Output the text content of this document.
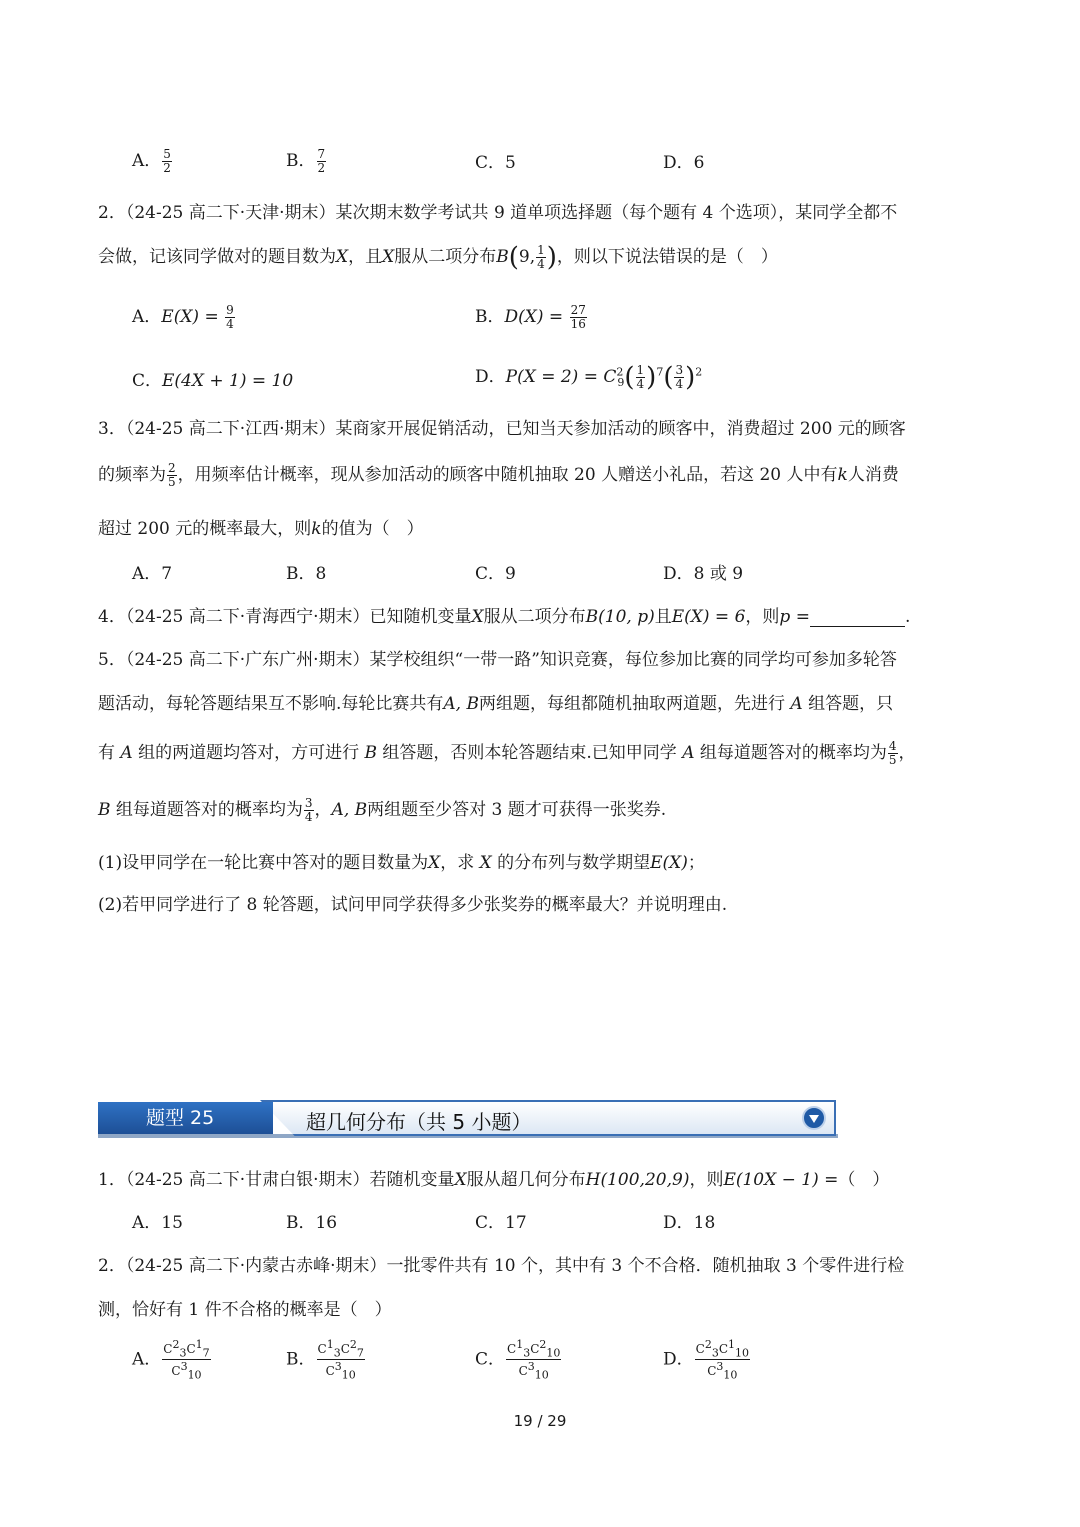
A． $\frac{5}{2}$	B． $\frac{7}{2}$	C．5	D．6
2．（24-25 高二下·天津·期末）某次期末数学考试共 9 道单项选择题（每个题有 4 个选项），某同学全都不
会做，记该同学做对的题目数为X，且X服从二项分布B(9, $\frac{1}{4}$ )，则以下说法错误的是（　）
A．$E(X) = \frac{9}{4}$	B．$D(X) = \frac{27}{16}$
C．E(4X + 1) = 10	D．$P(X = 2) = C^2_9( \frac{1}{4} )^7( \frac{3}{4} )^2$
3．（24-25 高二下·江西·期末）某商家开展促销活动，已知当天参加活动的顾客中，消费超过 200 元的顾客
的频率为 $\frac{2}{5}$ ，用频率估计概率，现从参加活动的顾客中随机抽取 20 人赠送小礼品，若这 20 人中有k人消费
超过 200 元的概率最大，则k的值为（　）
A．7	B．8	C．9	D．8 或 9
4．（24-25 高二下·青海西宁·期末）已知随机变量X服从二项分布B(10, p)且E(X) = 6，则p =	.
5．（24-25 高二下·广东广州·期末）某学校组织“一带一路”知识竞赛，每位参加比赛的同学均可参加多轮答
题活动，每轮答题结果互不影响.每轮比赛共有A, B两组题，每组都随机抽取两道题，先进行 A 组答题，只
有 A 组的两道题均答对，方可进行 B 组答题，否则本轮答题结束.已知甲同学 A 组每道题答对的概率均为 $\frac{4}{5}$ ，
B 组每道题答对的概率均为 $\frac{3}{4}$ ，A, B两组题至少答对 3 题才可获得一张奖券.
(1)设甲同学在一轮比赛中答对的题目数量为X，求 X 的分布列与数学期望E(X)；
(2)若甲同学进行了 8 轮答题，试问甲同学获得多少张奖券的概率最大？并说明理由.
题型 25	超几何分布（共 5 小题）
1．（24-25 高二下·甘肃白银·期末）若随机变量X服从超几何分布H(100,20,9)，则E(10X − 1) =（　）
A．15	B．16	C．17	D．18
2．（24-25 高二下·内蒙古赤峰·期末）一批零件共有 10 个，其中有 3 个不合格．随机抽取 3 个零件进行检
测，恰好有 1 件不合格的概率是（　）
A． $\frac{C^2_3C^1_7}{C^3_{10}}$	B． $\frac{C^1_3C^2_7}{C^3_{10}}$	C． $\frac{C^1_3C^2_{10}}{C^3_{10}}$	D． $\frac{C^2_3C^1_{10}}{C^3_{10}}$
19 / 29
